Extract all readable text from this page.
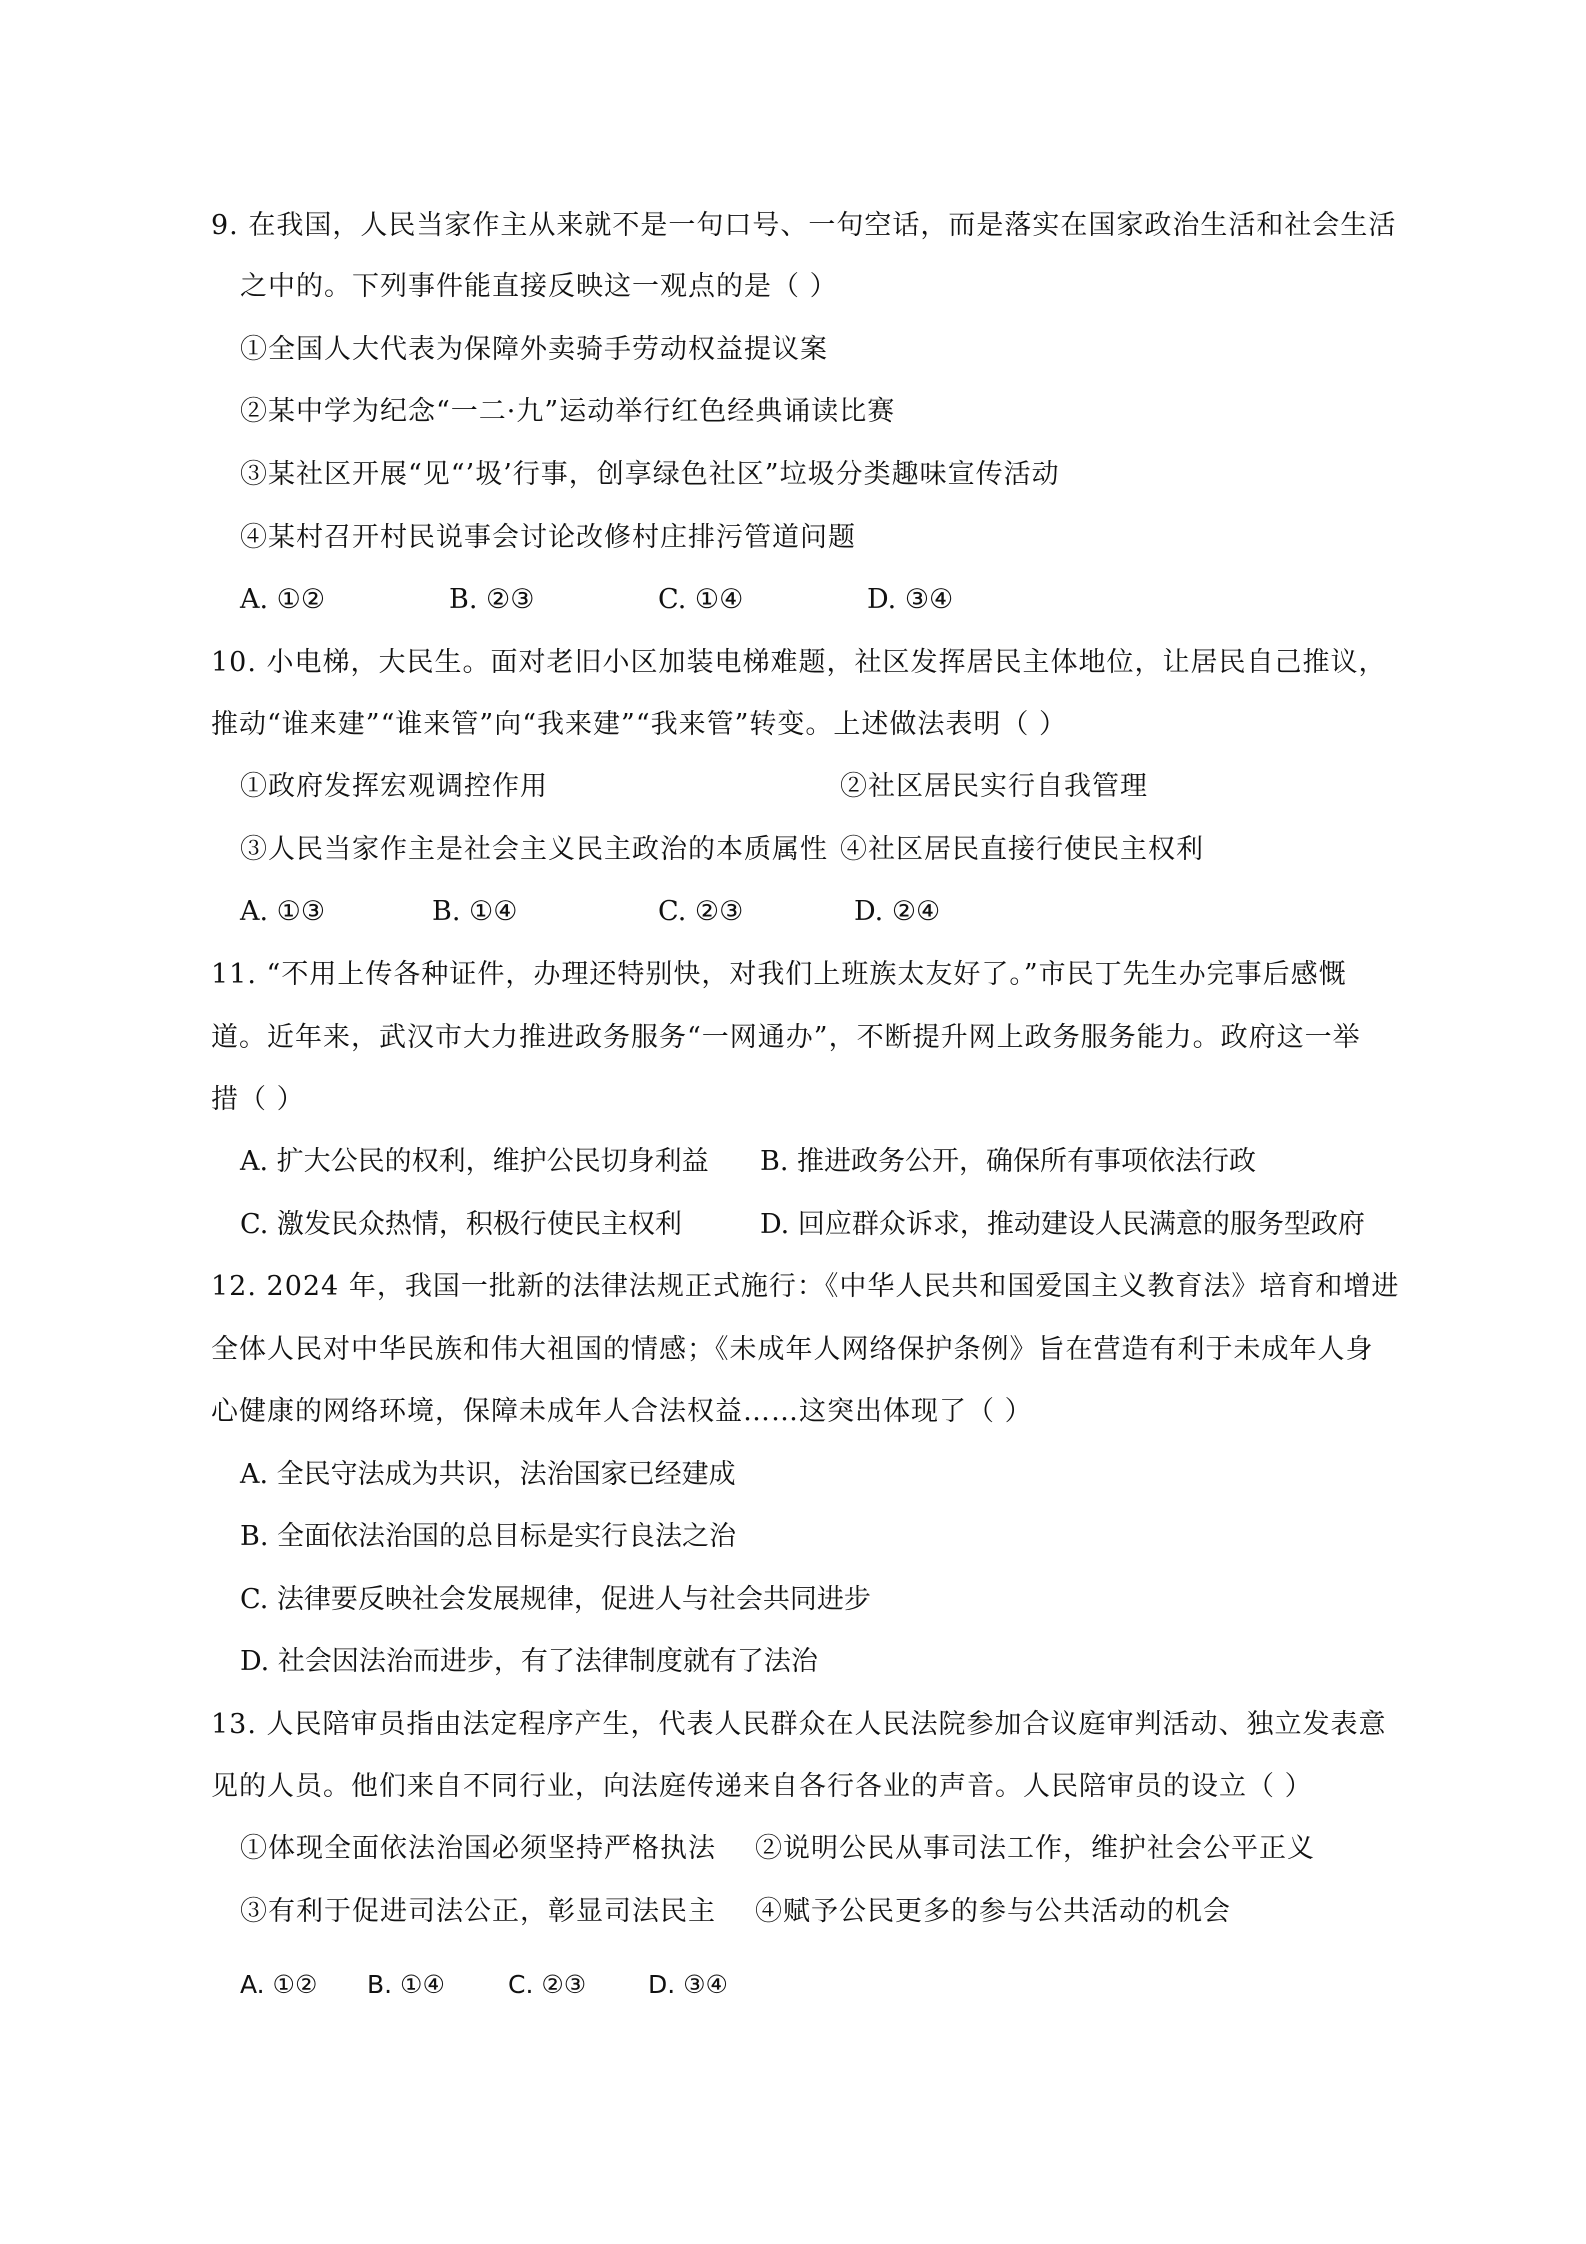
9. 在我国，人民当家作主从来就不是一句口号、一句空话，而是落实在国家政治生活和社会生活
之中的。下列事件能直接反映这一观点的是（ ）
①全国人大代表为保障外卖骑手劳动权益提议案
②某中学为纪念“一二·九”运动举行红色经典诵读比赛
③某社区开展“见“’圾’行事，创享绿色社区”垃圾分类趣味宣传活动
④某村召开村民说事会讨论改修村庄排污管道问题
A. ①②	B. ②③	C. ①④	D. ③④
10. 小电梯，大民生。面对老旧小区加装电梯难题，社区发挥居民主体地位，让居民自己推议，
推动“谁来建”“谁来管”向“我来建”“我来管”转变。上述做法表明（ ）
①政府发挥宏观调控作用	②社区居民实行自我管理
③人民当家作主是社会主义民主政治的本质属性 ④社区居民直接行使民主权利
A. ①③	B. ①④	C. ②③	D. ②④
11. “不用上传各种证件，办理还特别快，对我们上班族太友好了。”市民丁先生办完事后感慨
道。近年来，武汉市大力推进政务服务“一网通办”，不断提升网上政务服务能力。政府这一举
措（ ）
A. 扩大公民的权利，维护公民切身利益 B. 推进政务公开，确保所有事项依法行政
C. 激发民众热情，积极行使民主权利	D. 回应群众诉求，推动建设人民满意的服务型政府
12. 2024 年，我国一批新的法律法规正式施行：《中华人民共和国爱国主义教育法》培育和增进
全体人民对中华民族和伟大祖国的情感；《未成年人网络保护条例》旨在营造有利于未成年人身
心健康的网络环境，保障未成年人合法权益……这突出体现了（ ）
A. 全民守法成为共识，法治国家已经建成
B. 全面依法治国的总目标是实行良法之治
C. 法律要反映社会发展规律，促进人与社会共同进步
D. 社会因法治而进步，有了法律制度就有了法治
13. 人民陪审员指由法定程序产生，代表人民群众在人民法院参加合议庭审判活动、独立发表意
见的人员。他们来自不同行业，向法庭传递来自各行各业的声音。人民陪审员的设立（ ）
①体现全面依法治国必须坚持严格执法 ②说明公民从事司法工作，维护社会公平正义
③有利于促进司法公正，彰显司法民主 ④赋予公民更多的参与公共活动的机会
A. ①② B. ①④	C. ②③ D. ③④
